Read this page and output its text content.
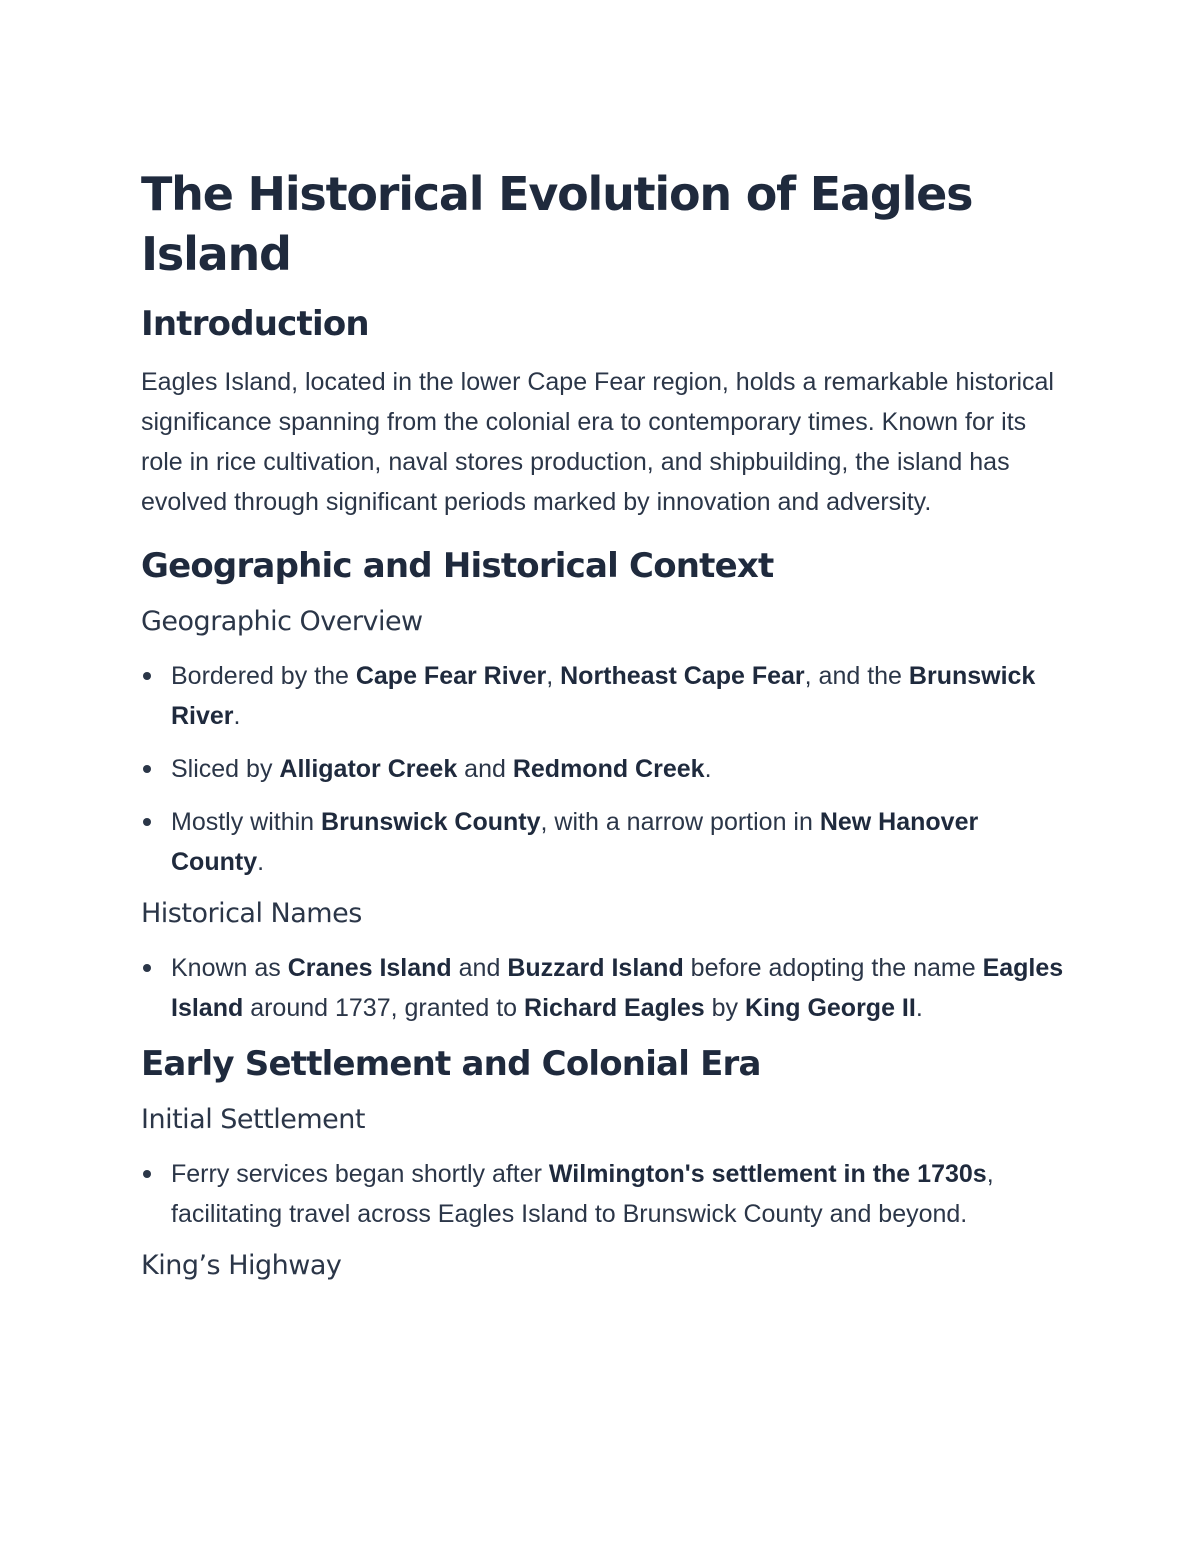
The Historical Evolution of Eagles Island
Introduction

Eagles Island, located in the lower Cape Fear region, holds a remarkable historical significance spanning from the colonial era to contemporary times. Known for its role in rice cultivation, naval stores production, and shipbuilding, the island has evolved through significant periods marked by innovation and adversity.

Geographic and Historical Context
Geographic Overview
Bordered by the Cape Fear River, Northeast Cape Fear, and the Brunswick River.
Sliced by Alligator Creek and Redmond Creek.
Mostly within Brunswick County, with a narrow portion in New Hanover County.
Historical Names
Known as Cranes Island and Buzzard Island before adopting the name Eagles Island around 1737, granted to Richard Eagles by King George II.
Early Settlement and Colonial Era
Initial Settlement
Ferry services began shortly after Wilmington's settlement in the 1730s, facilitating travel across Eagles Island to Brunswick County and beyond.
King’s Highway
